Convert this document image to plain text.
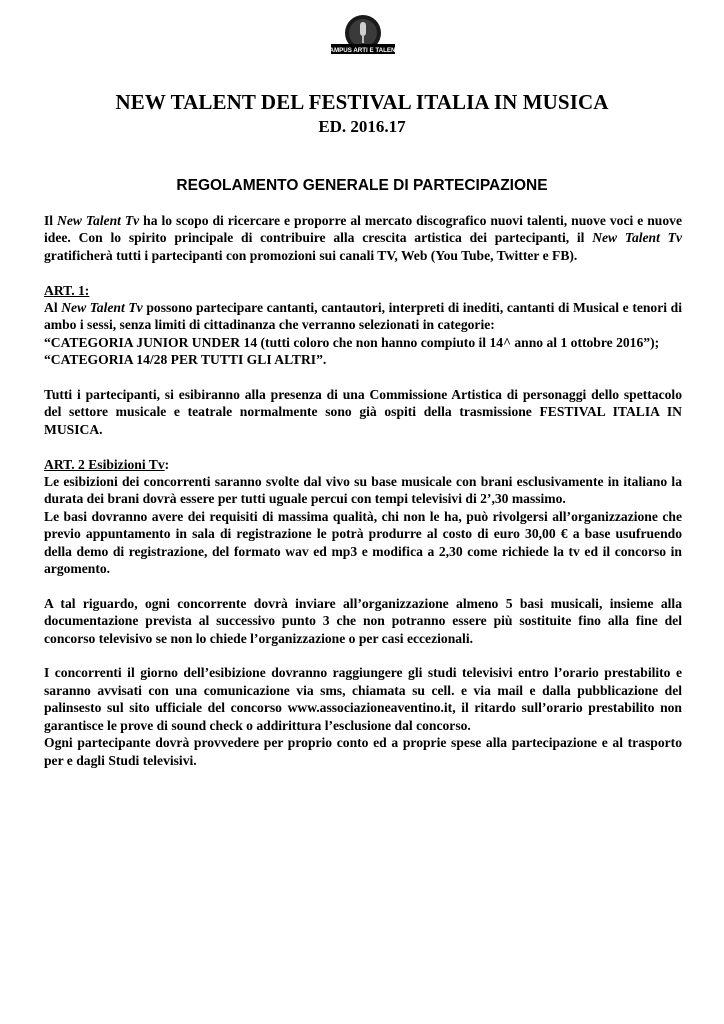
CAMPUS ARTI E TALENTI
NEW TALENT DEL FESTIVAL ITALIA IN MUSICA
ED. 2016.17
REGOLAMENTO GENERALE DI PARTECIPAZIONE

Il New Talent Tv ha lo scopo di ricercare e proporre al mercato discografico nuovi talenti, nuove voci e nuove idee. Con lo spirito principale di contribuire alla crescita artistica dei partecipanti, il New Talent Tv gratificherà tutti i partecipanti con promozioni sui canali TV, Web (You Tube, Twitter e FB).

ART. 1:

Al New Talent Tv possono partecipare cantanti, cantautori, interpreti di inediti, cantanti di Musical e tenori di ambo i sessi, senza limiti di cittadinanza che verranno selezionati in categorie:

“CATEGORIA JUNIOR UNDER 14 (tutti coloro che non hanno compiuto il 14^ anno al 1 ottobre 2016”);

“CATEGORIA 14/28 PER TUTTI GLI ALTRI”.

Tutti i partecipanti, si esibiranno alla presenza di una Commissione Artistica di personaggi dello spettacolo del settore musicale e teatrale normalmente sono già ospiti della trasmissione FESTIVAL ITALIA IN MUSICA.

ART. 2 Esibizioni Tv:

Le esibizioni dei concorrenti saranno svolte dal vivo su base musicale con brani esclusivamente in italiano la durata dei brani dovrà essere per tutti uguale percui con tempi televisivi di 2’,30 massimo.

Le basi dovranno avere dei requisiti di massima qualità, chi non le ha, può rivolgersi all’organizzazione che previo appuntamento in sala di registrazione le potrà produrre al costo di euro 30,00 € a base usufruendo della demo di registrazione, del formato wav ed mp3 e modifica a 2,30 come richiede la tv ed il concorso in argomento.

A tal riguardo, ogni concorrente dovrà inviare all’organizzazione almeno 5 basi musicali, insieme alla documentazione prevista al successivo punto 3 che non potranno essere più sostituite fino alla fine del concorso televisivo se non lo chiede l’organizzazione o per casi eccezionali.

I concorrenti il giorno dell’esibizione dovranno raggiungere gli studi televisivi entro l’orario prestabilito e saranno avvisati con una comunicazione via sms, chiamata su cell. e via mail e dalla pubblicazione del palinsesto sul sito ufficiale del concorso www.associazioneaventino.it, il ritardo sull’orario prestabilito non garantisce le prove di sound check o addirittura l’esclusione dal concorso.

Ogni partecipante dovrà provvedere per proprio conto ed a proprie spese alla partecipazione e al trasporto per e dagli Studi televisivi.
